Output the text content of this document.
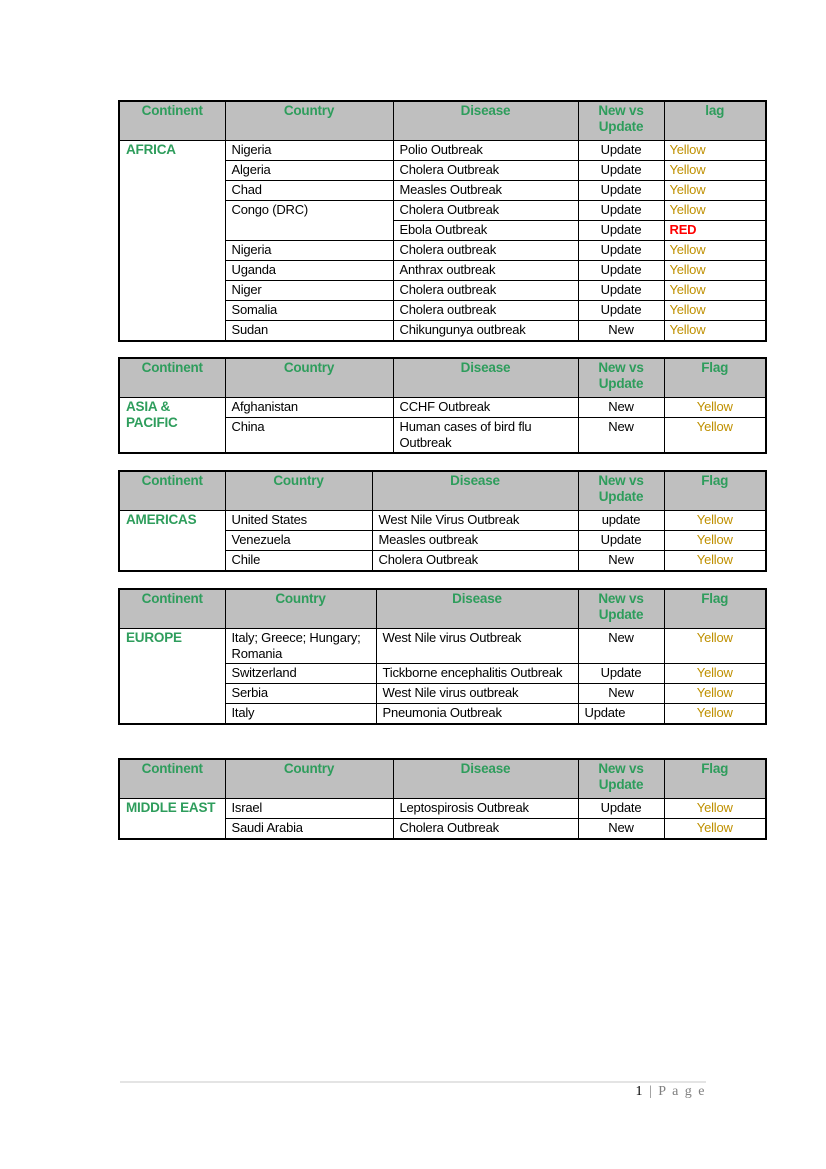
Continent	Country	Disease	New vs Update	lag
AFRICA	Nigeria	Polio Outbreak	Update	Yellow
	Algeria	Cholera Outbreak	Update	Yellow
	Chad	Measles Outbreak	Update	Yellow
	Congo (DRC)	Cholera Outbreak	Update	Yellow
		Ebola Outbreak	Update	RED
	Nigeria	Cholera outbreak	Update	Yellow
	Uganda	Anthrax outbreak	Update	Yellow
	Niger	Cholera outbreak	Update	Yellow
	Somalia	Cholera outbreak	Update	Yellow
	Sudan	Chikungunya outbreak	New	Yellow
Continent	Country	Disease	New vs Update	Flag
ASIA & PACIFIC	Afghanistan	CCHF Outbreak	New	Yellow
	China	Human cases of bird flu Outbreak	New	Yellow
Continent	Country	Disease	New vs Update	Flag
AMERICAS	United States	West Nile Virus Outbreak	update	Yellow
	Venezuela	Measles outbreak	Update	Yellow
	Chile	Cholera Outbreak	New	Yellow
Continent	Country	Disease	New vs Update	Flag
EUROPE	Italy; Greece; Hungary; Romania	West Nile virus Outbreak	New	Yellow
	Switzerland	Tickborne encephalitis Outbreak	Update	Yellow
	Serbia	West Nile virus outbreak	New	Yellow
	Italy	Pneumonia Outbreak	Update	Yellow
Continent	Country	Disease	New vs Update	Flag
MIDDLE EAST	Israel	Leptospirosis Outbreak	Update	Yellow
	Saudi Arabia	Cholera Outbreak	New	Yellow
1 | P a g e
